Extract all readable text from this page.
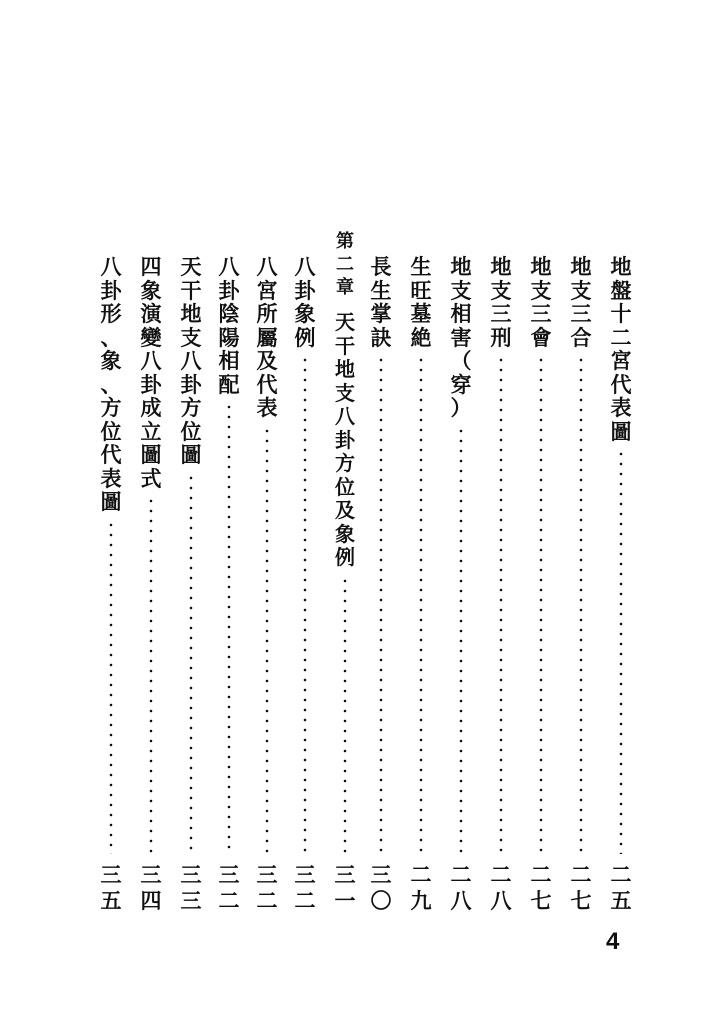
地
盤
十
二
宮
代
表
圖
二
五
地
支
三
合
二
七
地
支
三
會
二
七
地
支
三
刑
二
八
地
支
相
害
（
穿
）
二
八
生
旺
墓
絶
二
九
長
生
掌
訣
三
〇
第
二
章
天
干
地
支
八
卦
方
位
及
象
例
三
一
八
卦
象
例
三
二
八
宮
所
屬
及
代
表
三
二
八
卦
陰
陽
相
配
三
二
天
干
地
支
八
卦
方
位
圖
三
三
四
象
演
變
八
卦
成
立
圖
式
三
四
八
卦
形
、
象
、
方
位
代
表
圖
三
五
4
